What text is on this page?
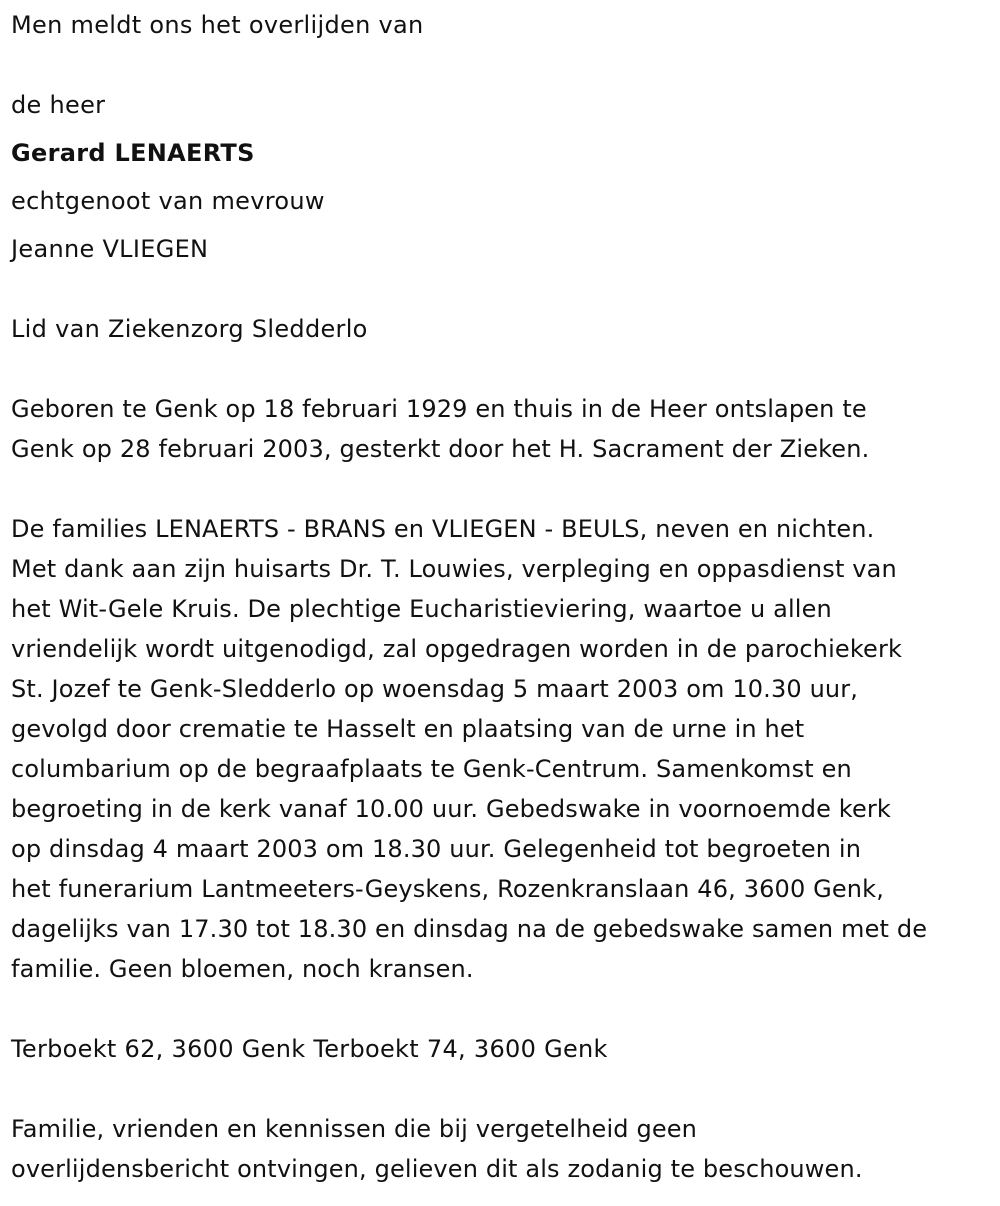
Men meldt ons het overlijden van
de heer
Gerard LENAERTS
echtgenoot van mevrouw
Jeanne VLIEGEN
Lid van Ziekenzorg Sledderlo
Geboren te Genk op 18 februari 1929 en thuis in de Heer ontslapen te
Genk op 28 februari 2003, gesterkt door het H. Sacrament der Zieken.
De families LENAERTS - BRANS en VLIEGEN - BEULS, neven en nichten.
Met dank aan zijn huisarts Dr. T. Louwies, verpleging en oppasdienst van
het Wit-Gele Kruis. De plechtige Eucharistieviering, waartoe u allen
vriendelijk wordt uitgenodigd, zal opgedragen worden in de parochiekerk
St. Jozef te Genk-Sledderlo op woensdag 5 maart 2003 om 10.30 uur,
gevolgd door crematie te Hasselt en plaatsing van de urne in het
columbarium op de begraafplaats te Genk-Centrum. Samenkomst en
begroeting in de kerk vanaf 10.00 uur. Gebedswake in voornoemde kerk
op dinsdag 4 maart 2003 om 18.30 uur. Gelegenheid tot begroeten in
het funerarium Lantmeeters-Geyskens, Rozenkranslaan 46, 3600 Genk,
dagelijks van 17.30 tot 18.30 en dinsdag na de gebedswake samen met de
familie. Geen bloemen, noch kransen.
Terboekt 62, 3600 Genk Terboekt 74, 3600 Genk
Familie, vrienden en kennissen die bij vergetelheid geen
overlijdensbericht ontvingen, gelieven dit als zodanig te beschouwen.
